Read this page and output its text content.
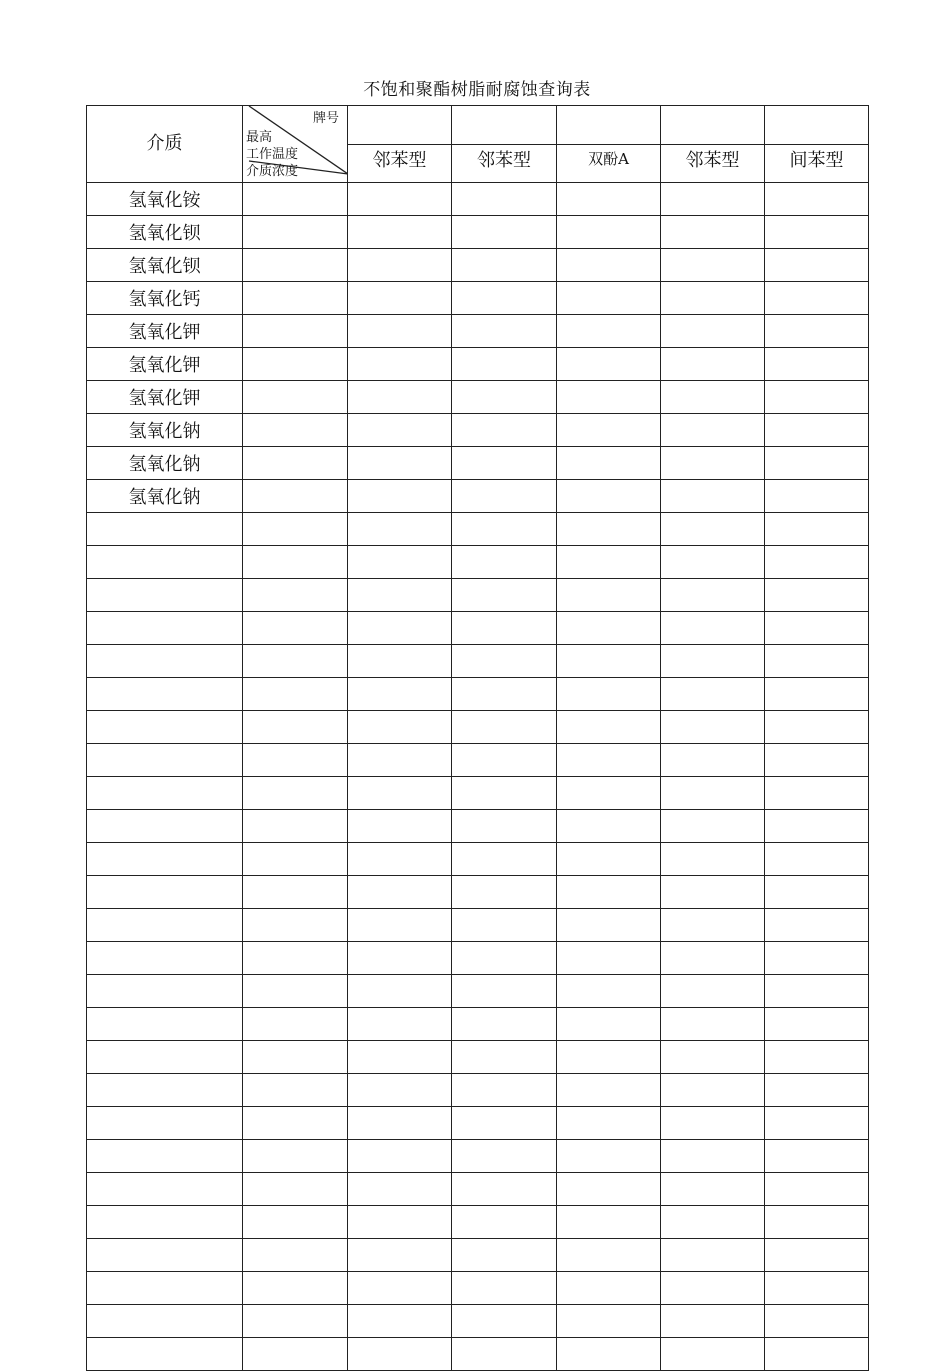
不饱和聚酯树脂耐腐蚀查询表
介质	牌号
最高
工作温度
介质浓度	邻苯型	邻苯型	双酚A	邻苯型	间苯型

氢氧化铵						
氢氧化钡						
氢氧化钡						
氢氧化钙						
氢氧化钾						
氢氧化钾						
氢氧化钾						
氢氧化钠						
氢氧化钠						
氢氧化钠						
